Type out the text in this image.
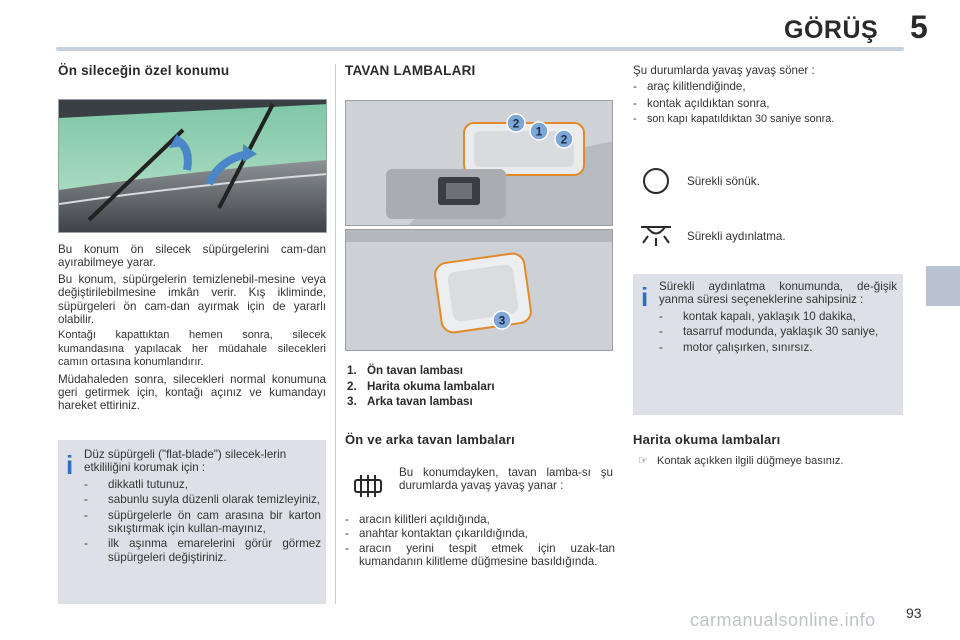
GÖRÜŞ 5
Ön sileceğin özel konumu

Bu konum ön silecek süpürgelerini cam-dan ayırabilmeye yarar.

Bu konum, süpürgelerin temizlenebil-mesine veya değiştirilebilmesine imkân verir. Kış ikliminde, süpürgeleri ön cam-dan ayırmak için de yararlı olabilir.

Kontağı kapattıktan hemen sonra, silecek kumandasına yapılacak her müdahale silecekleri camın ortasına konumlandırır.

Müdahaleden sonra, silecekleri normal konumuna geri getirmek için, kontağı açınız ve kumandayı hareket ettiriniz.

i Düz süpürgeli ("flat-blade") silecek-lerin etkililiğini korumak için :

- dikkatli tutunuz,
- sabunlu suyla düzenli olarak temizleyiniz,
- süpürgelerle ön cam arasına bir karton sıkıştırmak için kullan-mayınız,
- ilk aşınma emarelerini görür görmez süpürgeleri değiştiriniz.
TAVAN LAMBALARI
2
1
2
3
1. Ön tavan lambası
2. Harita okuma lambaları
3. Arka tavan lambası
Ön ve arka tavan lambaları
Bu konumdayken, tavan lamba-sı şu durumlarda yavaş yavaş yanar :
- aracın kilitleri açıldığında,
- anahtar kontaktan çıkarıldığında,
- aracın yerini tespit etmek için uzak-tan kumandanın kilitleme düğmesine basıldığında.

Şu durumlarda yavaş yavaş söner :

- araç kilitlendiğinde,
- kontak açıldıktan sonra,
- son kapı kapatıldıktan 30 saniye sonra.
Sürekli sönük.
Sürekli aydınlatma.
i Sürekli aydınlatma konumunda, de-ğişik yanma süresi seçeneklerine sahipsiniz :

- kontak kapalı, yaklaşık 10 dakika,
- tasarruf modunda, yaklaşık 30 saniye,
- motor çalışırken, sınırsız.
Harita okuma lambaları
☞ Kontak açıkken ilgili düğmeye basınız.
93
carmanualsonline.info
